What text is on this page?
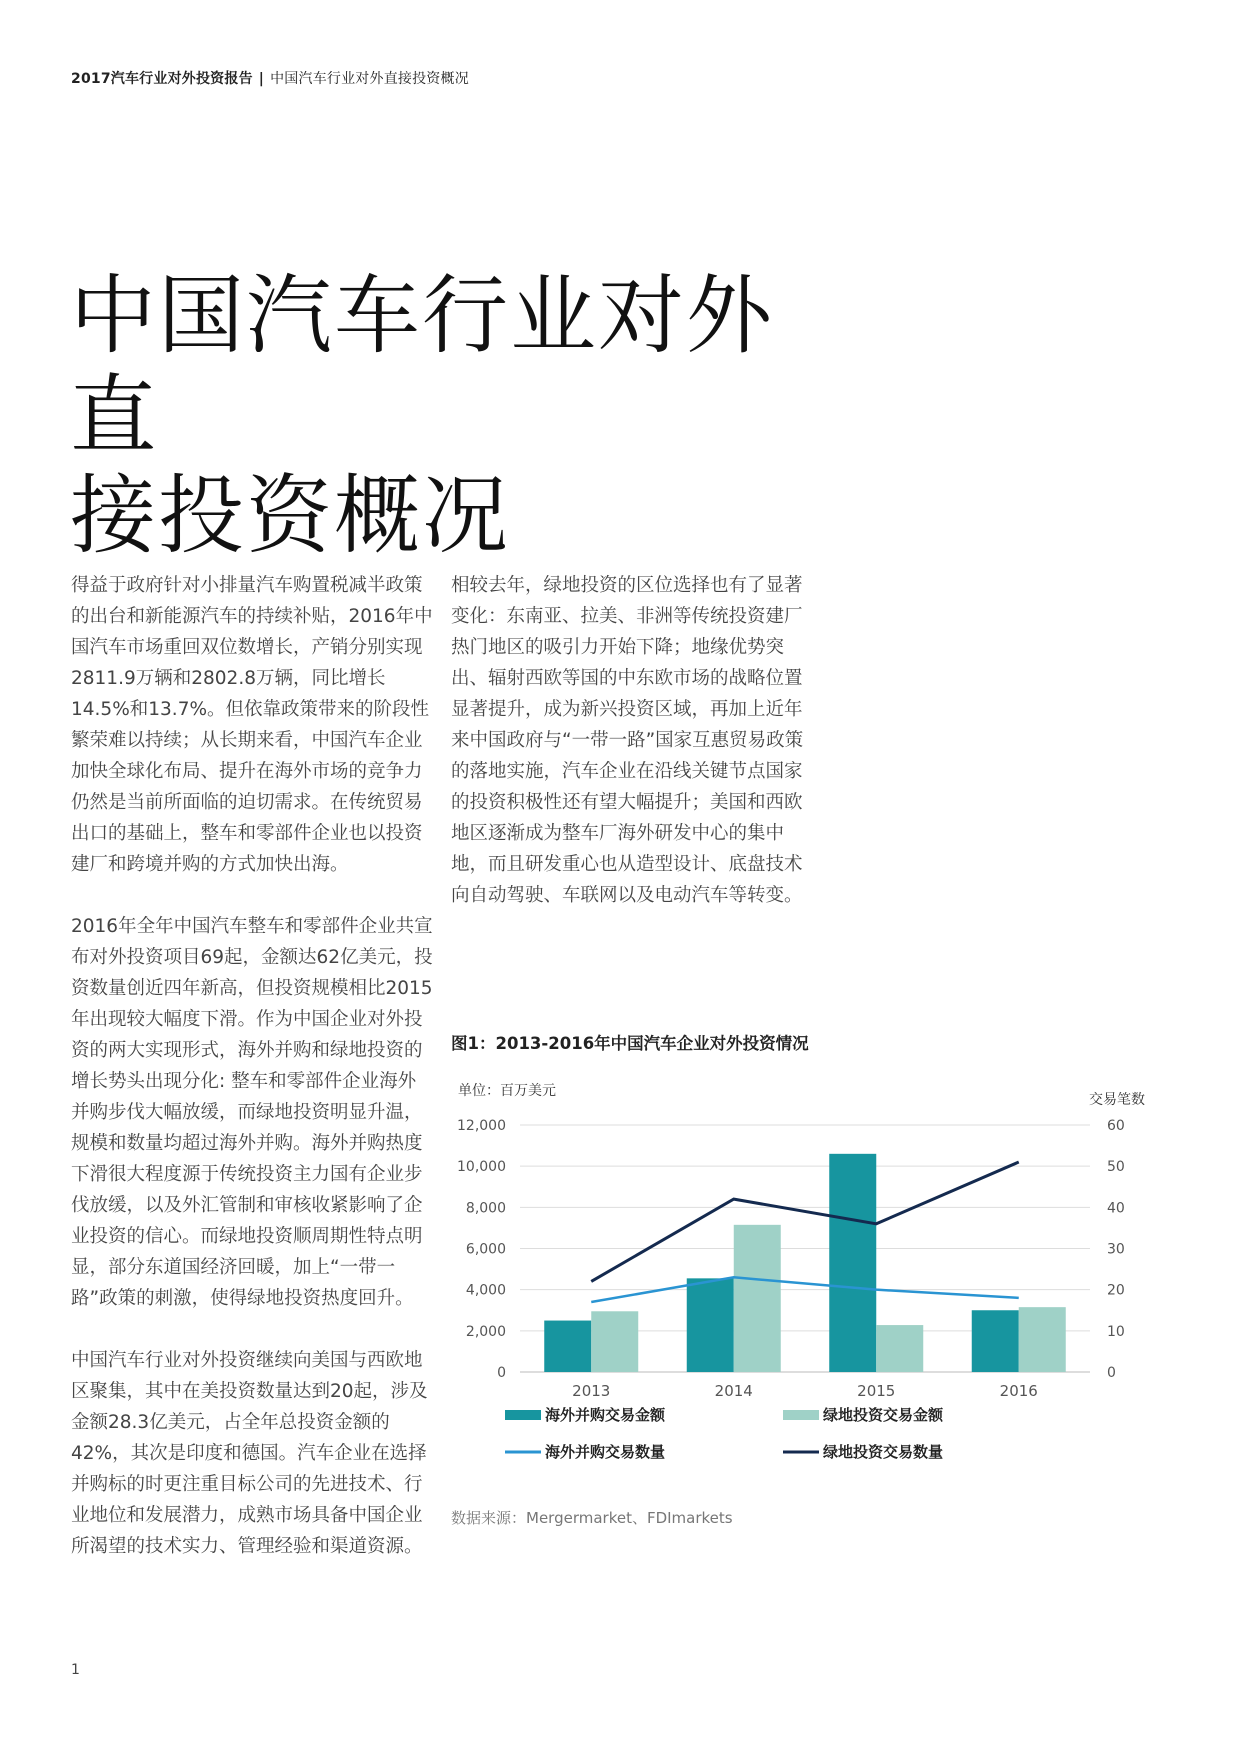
2017汽车行业对外投资报告 | 中国汽车行业对外直接投资概况
中国汽车行业对外直
接投资概况

得益于政府针对小排量汽车购置税减半政策的出台和新能源汽车的持续补贴，2016年中国汽车市场重回双位数增长，产销分别实现2811.9万辆和2802.8万辆，同比增长14.5%和13.7%。但依靠政策带来的阶段性繁荣难以持续；从长期来看，中国汽车企业加快全球化布局、提升在海外市场的竞争力仍然是当前所面临的迫切需求。在传统贸易出口的基础上，整车和零部件企业也以投资建厂和跨境并购的方式加快出海。

2016年全年中国汽车整车和零部件企业共宣布对外投资项目69起，金额达62亿美元，投资数量创近四年新高，但投资规模相比2015年出现较大幅度下滑。作为中国企业对外投资的两大实现形式，海外并购和绿地投资的增长势头出现分化: 整车和零部件企业海外并购步伐大幅放缓，而绿地投资明显升温，规模和数量均超过海外并购。海外并购热度下滑很大程度源于传统投资主力国有企业步伐放缓，以及外汇管制和审核收紧影响了企业投资的信心。而绿地投资顺周期性特点明显，部分东道国经济回暖，加上“一带一路”政策的刺激，使得绿地投资热度回升。

中国汽车行业对外投资继续向美国与西欧地区聚集，其中在美投资数量达到20起，涉及金额28.3亿美元，占全年总投资金额的42%，其次是印度和德国。汽车企业在选择并购标的时更注重目标公司的先进技术、行业地位和发展潜力，成熟市场具备中国企业所渴望的技术实力、管理经验和渠道资源。

相较去年，绿地投资的区位选择也有了显著变化：东南亚、拉美、非洲等传统投资建厂热门地区的吸引力开始下降；地缘优势突出、辐射西欧等国的中东欧市场的战略位置显著提升，成为新兴投资区域，再加上近年来中国政府与“一带一路”国家互惠贸易政策的落地实施，汽车企业在沿线关键节点国家的投资积极性还有望大幅提升；美国和西欧地区逐渐成为整车厂海外研发中心的集中地，而且研发重心也从造型设计、底盘技术向自动驾驶、车联网以及电动汽车等转变。

图1：2013-2016年中国汽车企业对外投资情况
单位：百万美元
交易笔数
0	0
2,000	10
4,000	20
6,000	30
8,000	40
10,000	50
12,000	60
2013	2014	2015	2016
海外并购交易金额	绿地投资交易金额
海外并购交易数量	绿地投资交易数量
数据来源：Mergermarket、FDImarkets
1
